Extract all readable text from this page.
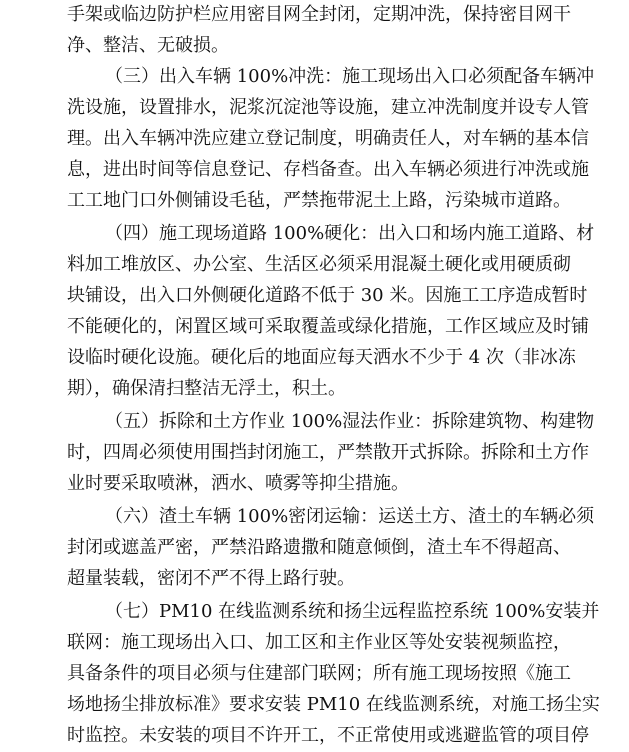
手架或临边防护栏应用密目网全封闭，定期冲洗，保持密目网干
净、整洁、无破损。
（三）出入车辆 100%冲洗：施工现场出入口必须配备车辆冲
洗设施，设置排水，泥浆沉淀池等设施，建立冲洗制度并设专人管
理。出入车辆冲洗应建立登记制度，明确责任人，对车辆的基本信
息，进出时间等信息登记、存档备查。出入车辆必须进行冲洗或施
工工地门口外侧铺设毛毡，严禁拖带泥土上路，污染城市道路。
（四）施工现场道路 100%硬化：出入口和场内施工道路、材
料加工堆放区、办公室、生活区必须采用混凝土硬化或用硬质砌
块铺设，出入口外侧硬化道路不低于 30 米。因施工工序造成暂时
不能硬化的，闲置区域可采取覆盖或绿化措施，工作区域应及时铺
设临时硬化设施。硬化后的地面应每天洒水不少于 4 次（非冰冻
期），确保清扫整洁无浮土，积土。
（五）拆除和土方作业 100%湿法作业：拆除建筑物、构建物
时，四周必须使用围挡封闭施工，严禁散开式拆除。拆除和土方作
业时要采取喷淋，洒水、喷雾等抑尘措施。
（六）渣土车辆 100%密闭运输：运送土方、渣土的车辆必须
封闭或遮盖严密，严禁沿路遗撒和随意倾倒，渣土车不得超高、
超量装载，密闭不严不得上路行驶。
（七）PM10 在线监测系统和扬尘远程监控系统 100%安装并
联网：施工现场出入口、加工区和主作业区等处安装视频监控，
具备条件的项目必须与住建部门联网；所有施工现场按照《施工
场地扬尘排放标准》要求安装 PM10 在线监测系统，对施工扬尘实
时监控。未安装的项目不许开工，不正常使用或逃避监管的项目停
